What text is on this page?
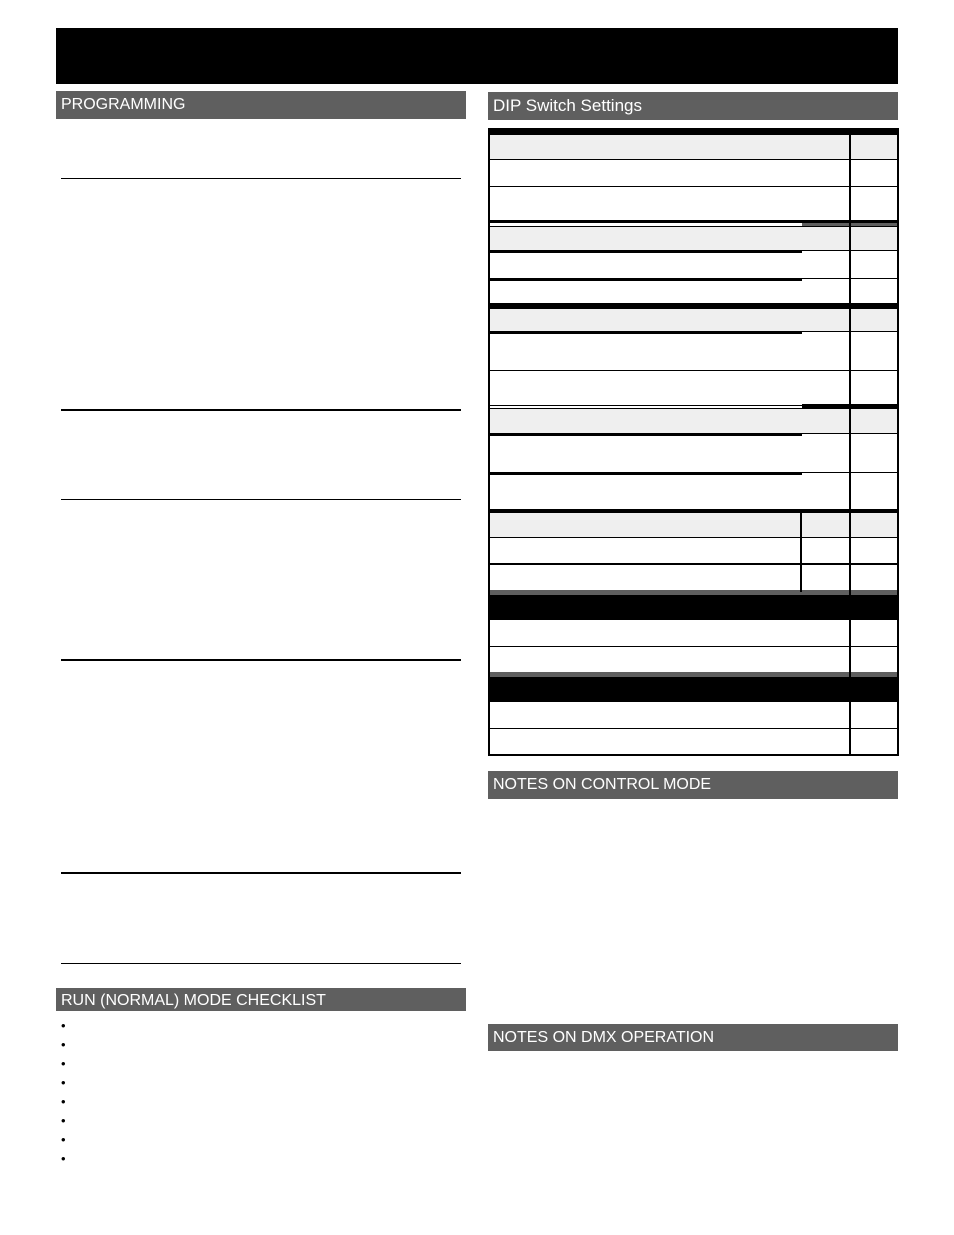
PROGRAMMING
RUN (NORMAL) MODE CHECKLIST
•
•
•
•
•
•
•
•
DIP Switch Settings
NOTES ON CONTROL MODE
NOTES ON DMX OPERATION
